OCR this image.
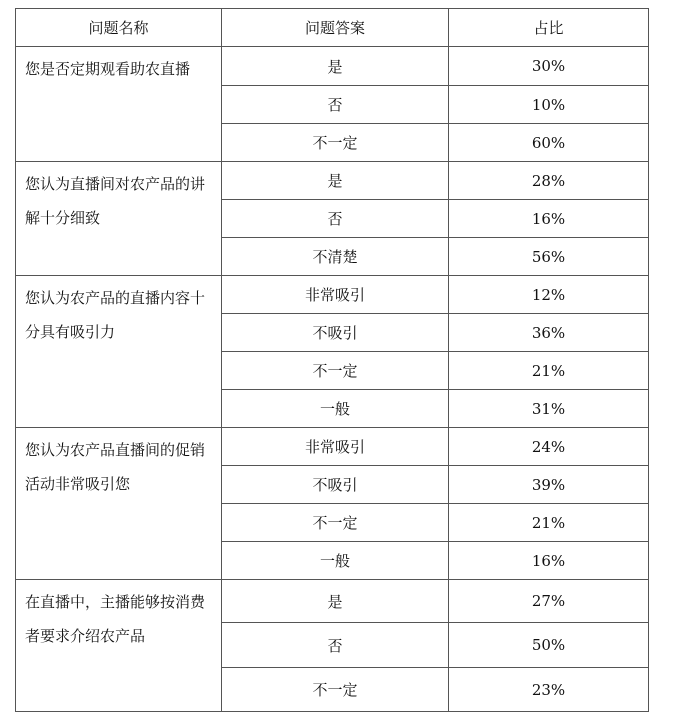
问题名称	问题答案	占比
您是否定期观看助农直播	是	30%
	否	10%
	不一定	60%
您认为直播间对农产品的讲解十分细致	是	28%
	否	16%
	不清楚	56%
您认为农产品的直播内容十分具有吸引力	非常吸引	12%
	不吸引	36%
	不一定	21%
	一般	31%
您认为农产品直播间的促销活动非常吸引您	非常吸引	24%
	不吸引	39%
	不一定	21%
	一般	16%
在直播中，主播能够按消费者要求介绍农产品	是	27%
	否	50%
	不一定	23%
